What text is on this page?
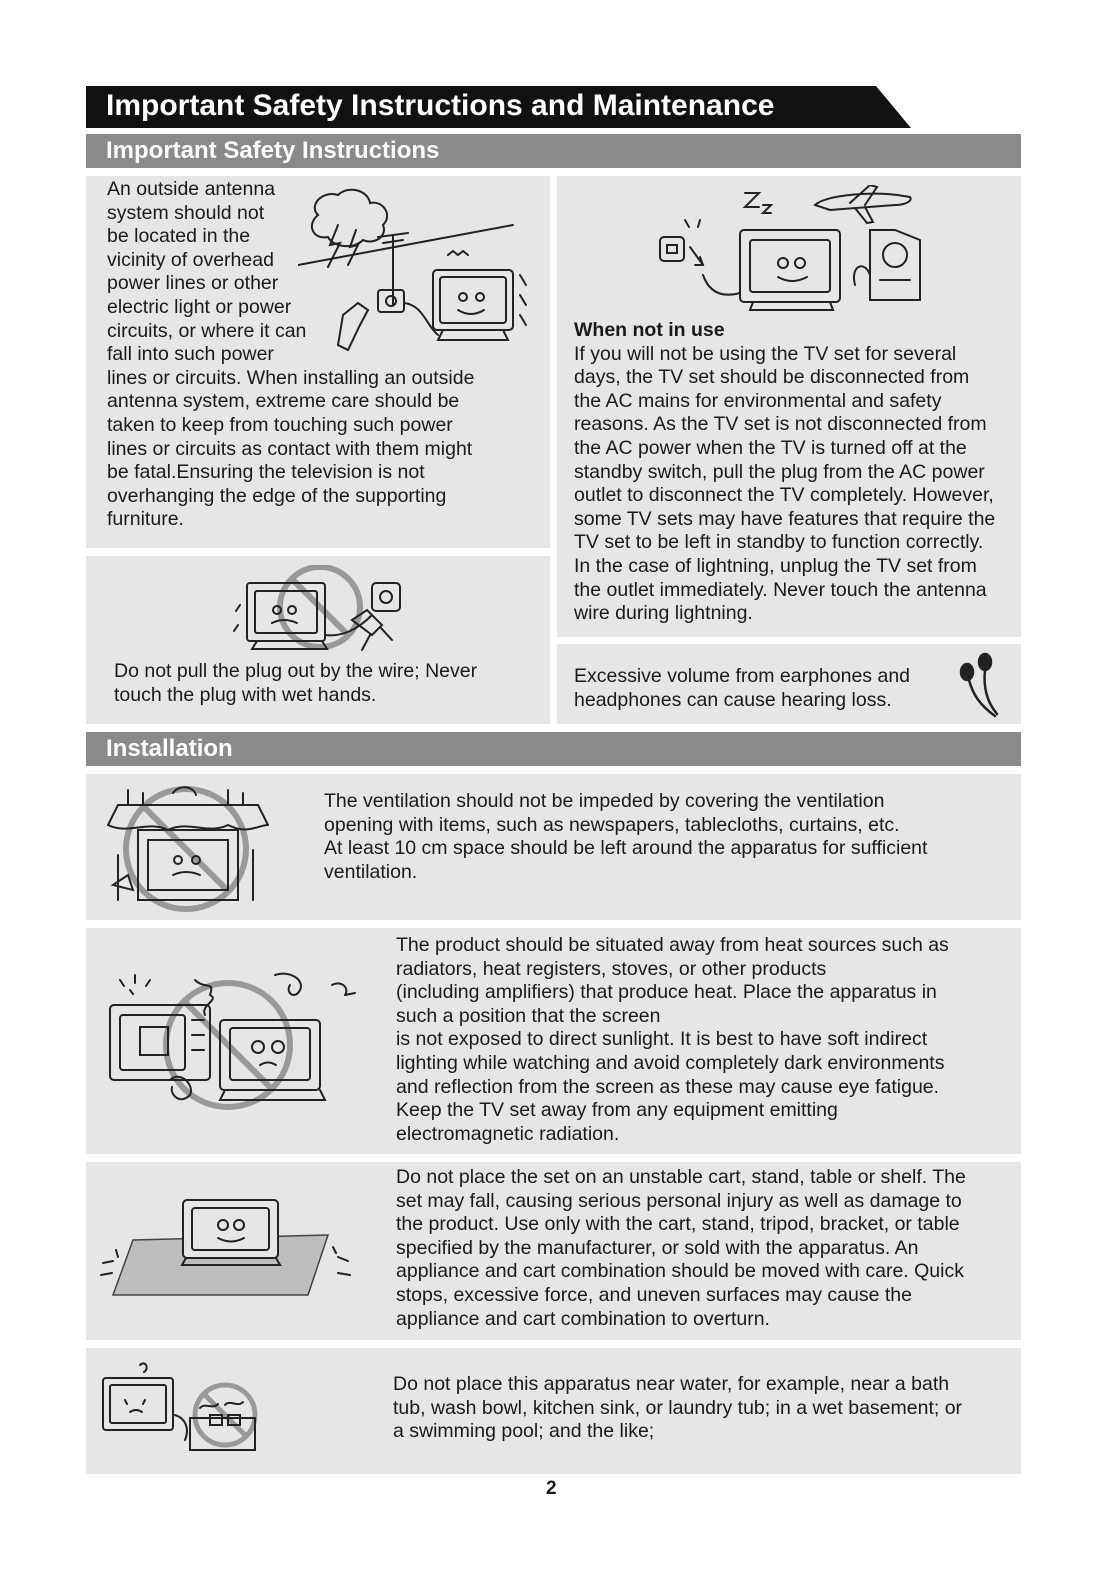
Important Safety Instructions and Maintenance
Important Safety Instructions
An outside antenna
system should not
be located in the
vicinity of overhead
power lines or other
electric light or power
circuits, or where it can
fall into such power
lines or circuits. When installing an outside
antenna system, extreme care should be
taken to keep from touching such power
lines or circuits as contact with them might
be fatal.Ensuring the television is not
overhanging the edge of the supporting
furniture.
When not in use
If you will not be using the TV set for several
days, the TV set should be disconnected from
the AC mains for environmental and safety
reasons. As the TV set is not disconnected from
the AC power when the TV is turned off at the
standby switch, pull the plug from the AC power
outlet to disconnect the TV completely. However,
some TV sets may have features that require the
TV set to be left in standby to function correctly.
In the case of lightning, unplug the TV set from
the outlet immediately. Never touch the antenna
wire during lightning.
Do not pull the plug out by the wire; Never
touch the plug with wet hands.
Excessive volume from earphones and
headphones can cause hearing loss.
Installation
The ventilation should not be impeded by covering the ventilation
opening with items, such as newspapers, tablecloths, curtains, etc.
At least 10 cm space should be left around the apparatus for sufficient
ventilation.
The product should be situated away from heat sources such as
radiators, heat registers, stoves, or other products
(including amplifiers) that produce heat. Place the apparatus in
such a position that the screen
is not exposed to direct sunlight. It is best to have soft indirect
lighting while watching and avoid completely dark environments
and reflection from the screen as these may cause eye fatigue.
Keep the TV set away from any equipment emitting
electromagnetic radiation.
Do not place the set on an unstable cart, stand, table or shelf. The
set may fall, causing serious personal injury as well as damage to
the product. Use only with the cart, stand, tripod, bracket, or table
specified by the manufacturer, or sold with the apparatus. An
appliance and cart combination should be moved with care. Quick
stops, excessive force, and uneven surfaces may cause the
appliance and cart combination to overturn.
Do not place this apparatus near water, for example, near a bath
tub, wash bowl, kitchen sink, or laundry tub; in a wet basement; or
a swimming pool; and the like;
2
